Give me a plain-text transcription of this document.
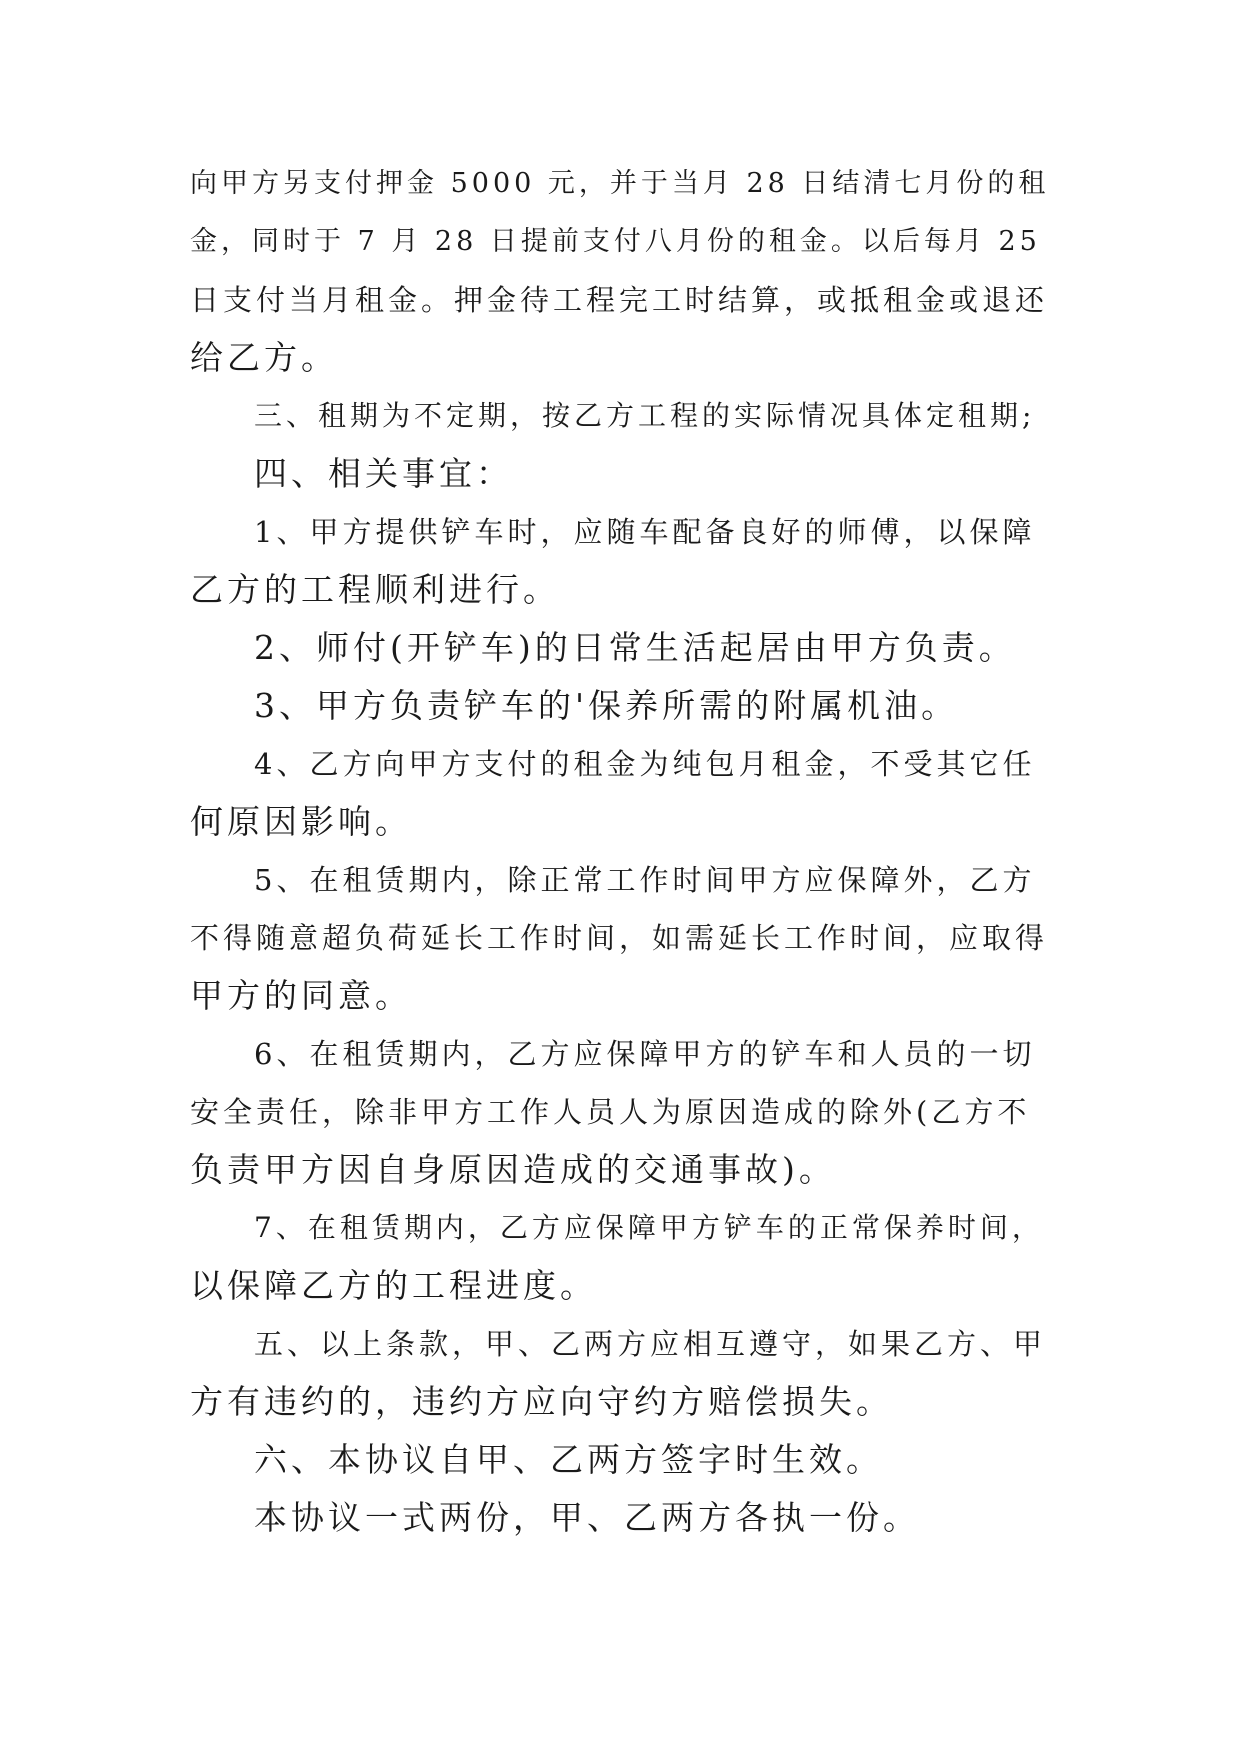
向甲方另支付押金 5000 元，并于当月 28 日结清七月份的租
金，同时于 7 月 28 日提前支付八月份的租金。以后每月 25
日支付当月租金。押金待工程完工时结算，或抵租金或退还
给乙方。
三、租期为不定期，按乙方工程的实际情况具体定租期;
四、相关事宜：
1、甲方提供铲车时，应随车配备良好的师傅，以保障
乙方的工程顺利进行。
2、师付(开铲车)的日常生活起居由甲方负责。
3、甲方负责铲车的'保养所需的附属机油。
4、乙方向甲方支付的租金为纯包月租金，不受其它任
何原因影响。
5、在租赁期内，除正常工作时间甲方应保障外，乙方
不得随意超负荷延长工作时间，如需延长工作时间，应取得
甲方的同意。
6、在租赁期内，乙方应保障甲方的铲车和人员的一切
安全责任，除非甲方工作人员人为原因造成的除外(乙方不
负责甲方因自身原因造成的交通事故)。
7、在租赁期内，乙方应保障甲方铲车的正常保养时间，
以保障乙方的工程进度。
五、以上条款，甲、乙两方应相互遵守，如果乙方、甲
方有违约的，违约方应向守约方赔偿损失。
六、本协议自甲、乙两方签字时生效。
本协议一式两份，甲、乙两方各执一份。
